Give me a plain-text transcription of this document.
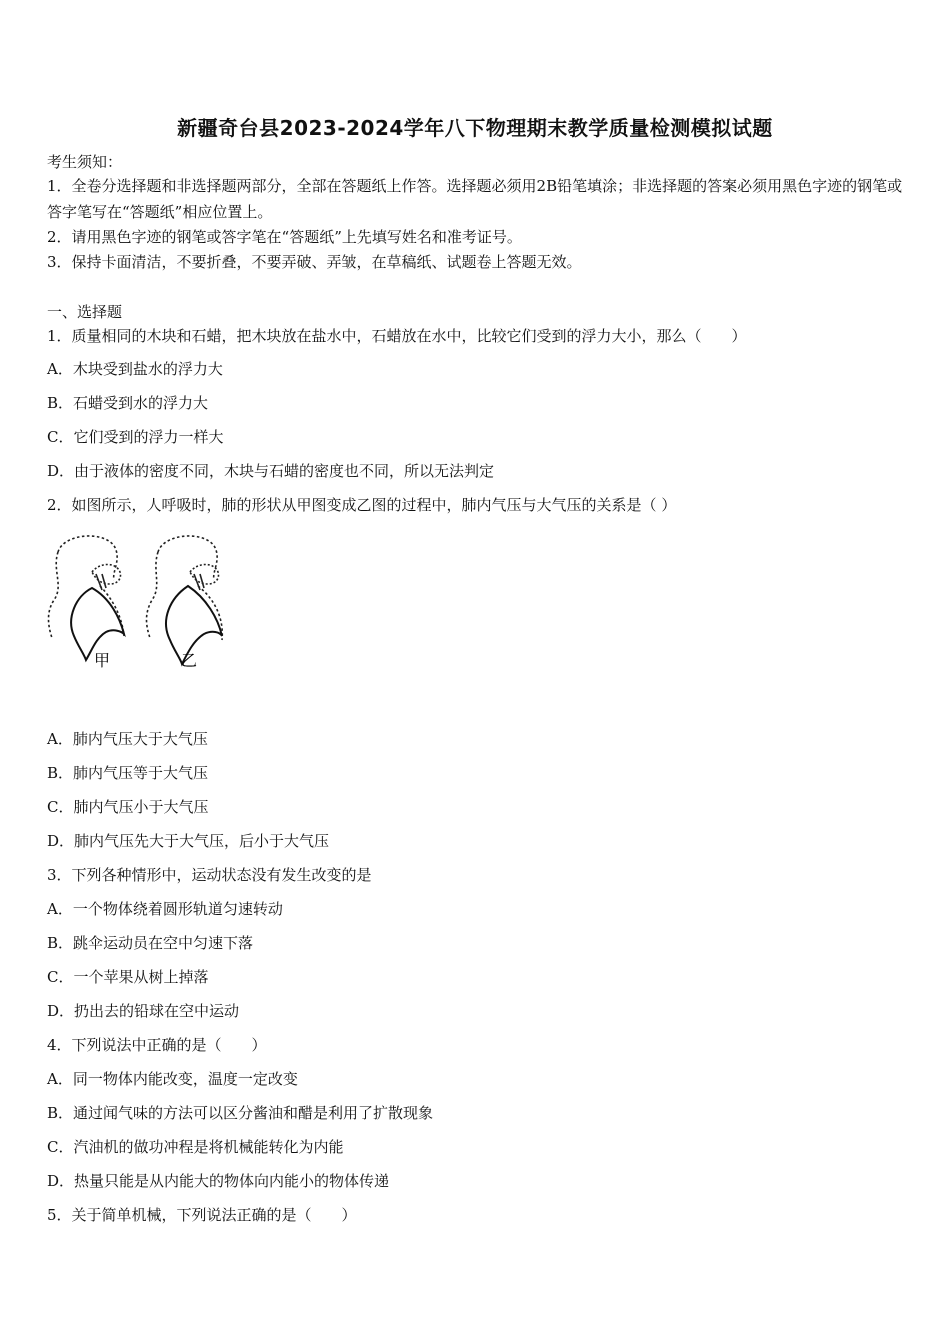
新疆奇台县2023-2024学年八下物理期末教学质量检测模拟试题
考生须知：
1．全卷分选择题和非选择题两部分，全部在答题纸上作答。选择题必须用2B铅笔填涂；非选择题的答案必须用黑色字迹的钢笔或答字笔写在“答题纸”相应位置上。
2．请用黑色字迹的钢笔或答字笔在“答题纸”上先填写姓名和准考证号。
3．保持卡面清洁，不要折叠，不要弄破、弄皱，在草稿纸、试题卷上答题无效。
一、选择题
1．质量相同的木块和石蜡，把木块放在盐水中，石蜡放在水中，比较它们受到的浮力大小，那么（　　）
A．木块受到盐水的浮力大
B．石蜡受到水的浮力大
C．它们受到的浮力一样大
D．由于液体的密度不同，木块与石蜡的密度也不同，所以无法判定
2．如图所示，人呼吸时，肺的形状从甲图变成乙图的过程中，肺内气压与大气压的关系是（ ）
甲	乙
A．肺内气压大于大气压
B．肺内气压等于大气压
C．肺内气压小于大气压
D．肺内气压先大于大气压，后小于大气压
3．下列各种情形中，运动状态没有发生改变的是
A．一个物体绕着圆形轨道匀速转动
B．跳伞运动员在空中匀速下落
C．一个苹果从树上掉落
D．扔出去的铅球在空中运动
4．下列说法中正确的是（　　）
A．同一物体内能改变，温度一定改变
B．通过闻气味的方法可以区分酱油和醋是利用了扩散现象
C．汽油机的做功冲程是将机械能转化为内能
D．热量只能是从内能大的物体向内能小的物体传递
5．关于简单机械，下列说法正确的是（　　）
